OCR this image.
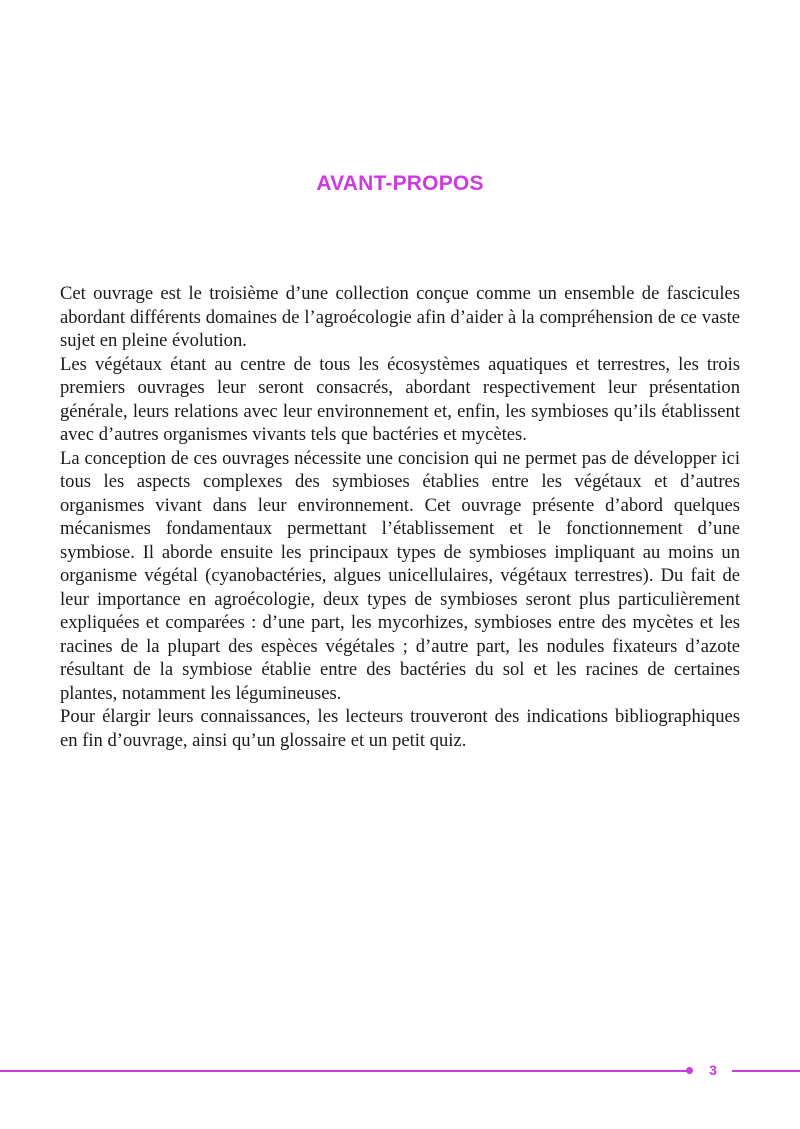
AVANT-PROPOS

Cet ouvrage est le troisième d’une collection conçue comme un ensemble de fascicules abordant différents domaines de l’agroécologie afin d’aider à la compréhension de ce vaste sujet en pleine évolution.

Les végétaux étant au centre de tous les écosystèmes aquatiques et terrestres, les trois premiers ouvrages leur seront consacrés, abordant respectivement leur présentation générale, leurs relations avec leur environnement et, enfin, les symbioses qu’ils établissent avec d’autres organismes vivants tels que bactéries et mycètes.

La conception de ces ouvrages nécessite une concision qui ne permet pas de développer ici tous les aspects complexes des symbioses établies entre les végétaux et d’autres organismes vivant dans leur environnement. Cet ouvrage présente d’abord quelques mécanismes fondamentaux permettant l’établissement et le fonctionnement d’une symbiose. Il aborde ensuite les principaux types de symbioses impliquant au moins un organisme végétal (cyanobactéries, algues unicellulaires, végétaux terrestres). Du fait de leur importance en agroécologie, deux types de symbioses seront plus particulièrement expliquées et comparées : d’une part, les mycorhizes, symbioses entre des mycètes et les racines de la plupart des espèces végétales ; d’autre part, les nodules fixateurs d’azote résultant de la symbiose établie entre des bactéries du sol et les racines de certaines plantes, notamment les légumineuses.

Pour élargir leurs connaissances, les lecteurs trouveront des indications bibliographiques en fin d’ouvrage, ainsi qu’un glossaire et un petit quiz.

3
